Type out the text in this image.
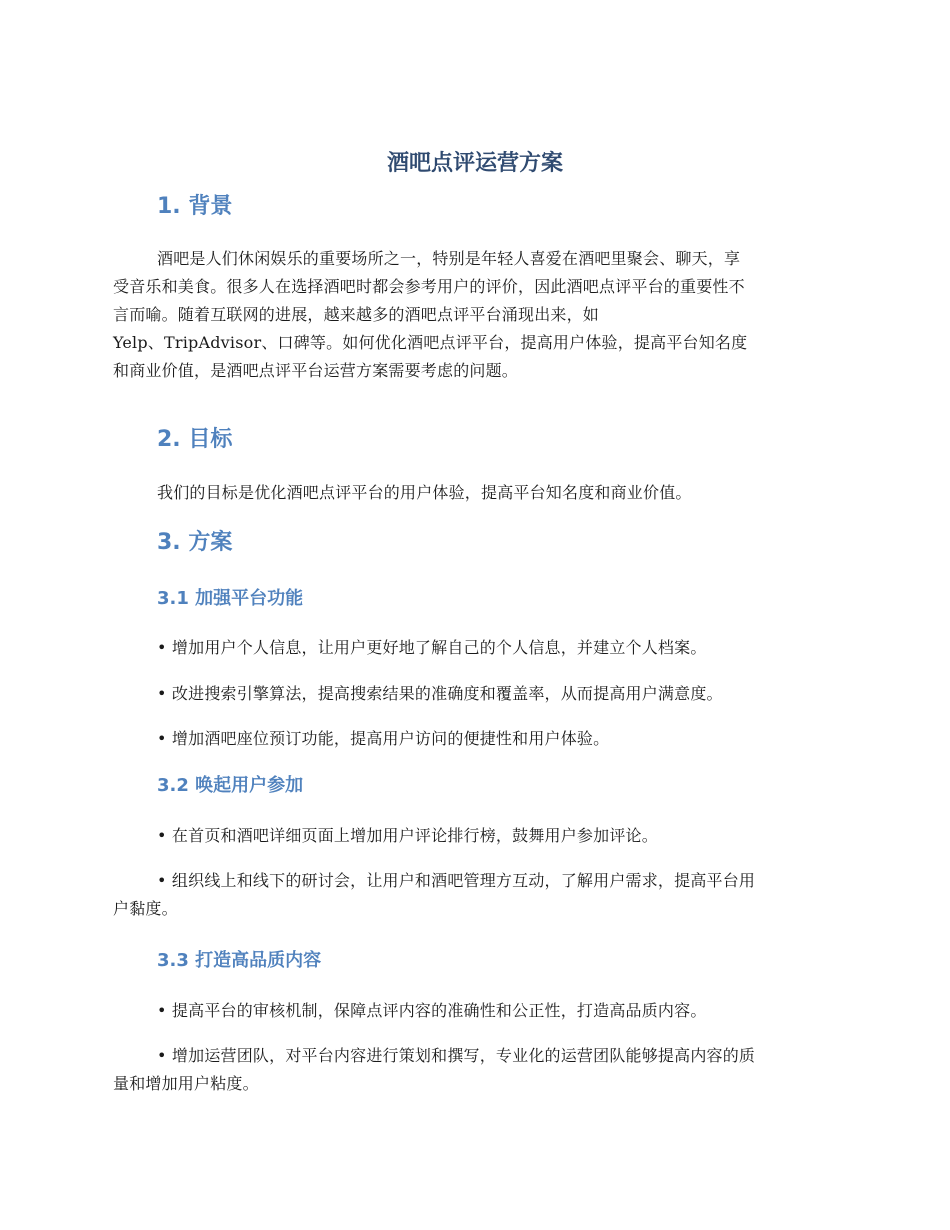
酒吧点评运营方案
1. 背景
酒吧是人们休闲娱乐的重要场所之一，特别是年轻人喜爱在酒吧里聚会、聊天，享
受音乐和美食。很多人在选择酒吧时都会参考用户的评价，因此酒吧点评平台的重要性不
言而喻。随着互联网的进展，越来越多的酒吧点评平台涌现出来，如
Yelp、TripAdvisor、口碑等。如何优化酒吧点评平台，提高用户体验，提高平台知名度
和商业价值，是酒吧点评平台运营方案需要考虑的问题。
2. 目标
我们的目标是优化酒吧点评平台的用户体验，提高平台知名度和商业价值。
3. 方案
3.1 加强平台功能
• 增加用户个人信息，让用户更好地了解自己的个人信息，并建立个人档案。
• 改进搜索引擎算法，提高搜索结果的准确度和覆盖率，从而提高用户满意度。
• 增加酒吧座位预订功能，提高用户访问的便捷性和用户体验。
3.2 唤起用户参加
• 在首页和酒吧详细页面上增加用户评论排行榜，鼓舞用户参加评论。
• 组织线上和线下的研讨会，让用户和酒吧管理方互动，了解用户需求，提高平台用
户黏度。
3.3 打造高品质内容
• 提高平台的审核机制，保障点评内容的准确性和公正性，打造高品质内容。
• 增加运营团队，对平台内容进行策划和撰写，专业化的运营团队能够提高内容的质
量和增加用户粘度。
